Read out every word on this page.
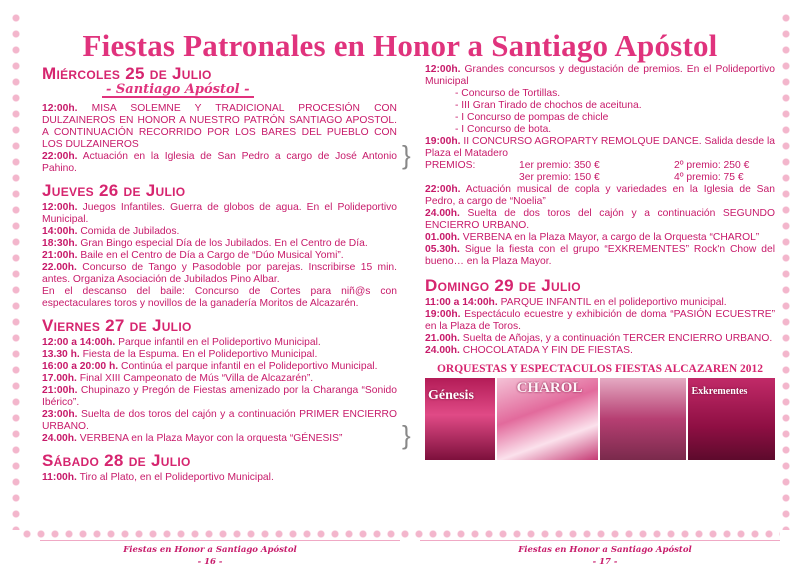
Fiestas Patronales en Honor a Santiago Apóstol
Miércoles 25 de Julio
- Santiago Apóstol -
12:00h. MISA SOLEMNE Y TRADICIONAL PROCESIÓN CON DULZAINEROS EN HONOR A NUESTRO PATRÓN SANTIAGO APOSTOL. A CONTINUACIÓN RECORRIDO POR LOS BARES DEL PUEBLO CON LOS DULZAINEROS
22:00h. Actuación en la Iglesia de San Pedro a cargo de José Antonio Pahino.
Jueves 26 de Julio
12:00h. Juegos Infantiles. Guerra de globos de agua. En el Polideportivo Municipal.
14:00h. Comida de Jubilados.
18:30h. Gran Bingo especial Día de los Jubilados. En el Centro de Día.
21:00h. Baile en el Centro de Día a Cargo de “Dúo Musical Yomi”.
22.00h. Concurso de Tango y Pasodoble por parejas. Inscribirse 15 min. antes. Organiza Asociación de Jubilados Pino Albar.
En el descanso del baile: Concurso de Cortes para niñ@s con espectaculares toros y novillos de la ganadería Moritos de Alcazarén.
Viernes 27 de Julio
12:00 a 14:00h. Parque infantil en el Polideportivo Municipal.
13.30 h. Fiesta de la Espuma. En el Polideportivo Municipal.
16:00 a 20:00 h. Continúa el parque infantil en el Polideportivo Municipal.
17.00h. Final XIII Campeonato de Mús “Villa de Alcazarén”.
21:00h. Chupinazo y Pregón de Fiestas amenizado por la Charanga “Sonido Ibérico”.
23:00h. Suelta de dos toros del cajón y a continuación PRIMER ENCIERRO URBANO.
24.00h. VERBENA en la Plaza Mayor con la orquesta “GÉNESIS”
Sábado 28 de Julio
11:00h. Tiro al Plato, en el Polideportivo Municipal.
12:00h. Grandes concursos y degustación de premios. En el Polideportivo Municipal
- Concurso de Tortillas.
- III Gran Tirado de chochos de aceituna.
- I Concurso de pompas de chicle
- I Concurso de bota.
19:00h. II CONCURSO AGROPARTY REMOLQUE DANCE. Salida desde la Plaza el Matadero
PREMIOS:	1er premio: 350 €	2º premio: 250 €
3er premio: 150 €	4º premio: 75 €
22:00h. Actuación musical de copla y variedades en la Iglesia de San Pedro, a cargo de “Noelia”
24.00h. Suelta de dos toros del cajón y a continuación SEGUNDO ENCIERRO URBANO.
01.00h. VERBENA en la Plaza Mayor, a cargo de la Orquesta “CHAROL”
05.30h. Sigue la fiesta con el grupo “EXKREMENTES” Rock'n Chow del bueno… en la Plaza Mayor.
Domingo 29 de Julio
11:00 a 14:00h. PARQUE INFANTIL en el polideportivo municipal.
19:00h. Espectáculo ecuestre y exhibición de doma “PASIÓN ECUESTRE” en la Plaza de Toros.
21.00h. Suelta de Añojas, y a continuación TERCER ENCIERRO URBANO.
24.00h. CHOCOLATADA Y FIN DE FIESTAS.
ORQUESTAS Y ESPECTACULOS FIESTAS ALCAZAREN 2012
Génesis	CHAROL	Exkrementes
}
}
Fiestas en Honor a Santiago Apóstol
- 16 -
Fiestas en Honor a Santiago Apóstol
- 17 -
